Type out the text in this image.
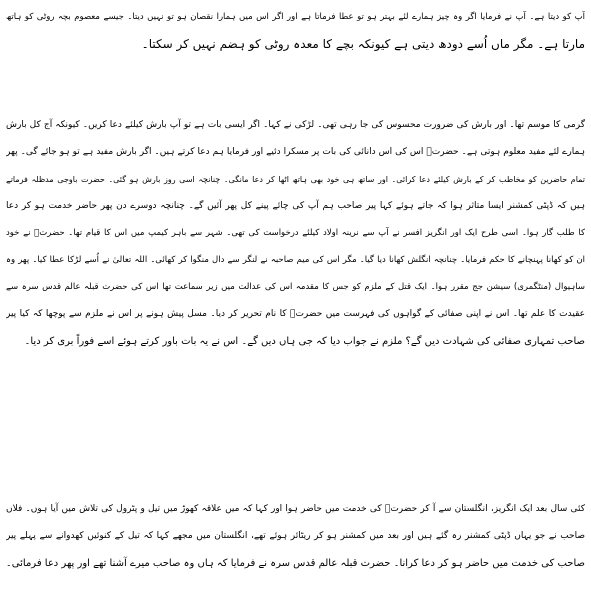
آپ کو دیتا ہے۔ آپ نے فرمایا اگر وہ چیز ہمارے لئے بہتر ہو تو عطا فرماتا ہے اور اگر اس میں ہمارا نقصان ہو تو نہیں دیتا۔ جیسے معصوم بچہ روٹی کو ہاتھ
مارتا ہے۔ مگر ماں اُسے دودھ دیتی ہے کیونکہ بچے کا معدہ روٹی کو ہضم نہیں کر سکتا۔
گرمی کا موسم تھا۔ اور بارش کی ضرورت محسوس کی جا رہی تھی۔ لڑکی نے کہا۔ اگر ایسی بات ہے تو آپ بارش کیلئے دعا کریں۔ کیونکہ آج کل بارش
ہمارے لئے مفید معلوم ہوتی ہے۔ حضرتؒ اس کی اس دانائی کی بات پر مسکرا دئیے اور فرمایا ہم دعا کرتے ہیں۔ اگر بارش مفید ہے تو ہو جائے گی۔ پھر
تمام حاضرین کو مخاطب کر کے بارش کیلئے دعا کرائی۔ اور ساتھ ہی خود بھی ہاتھ اٹھا کر دعا مانگی۔ چنانچہ اسی روز بارش ہو گئی۔ حضرت باوجی مدظلہ فرماتے
ہیں کہ ڈپٹی کمشنر ایسا متاثر ہوا کہ جاتے ہوئے کہا پیر صاحب ہم آپ کی چائے پینے کل پھر آئیں گے۔ چنانچہ دوسرے دن پھر حاضر خدمت ہو کر دعا
کا طلب گار ہوا۔ اسی طرح ایک اور انگریز افسر نے آپ سے نرینہ اولاد کیلئے درخواست کی تھی۔ شہر سے باہر کیمپ میں اس کا قیام تھا۔ حضرتؒ نے خود
ان کو کھانا پہنچانے کا حکم فرمایا۔ چنانچہ انگلش کھانا دیا گیا۔ مگر اس کی میم صاحبہ نے لنگر سے دال منگوا کر کھائی۔ اللہ تعالیٰ نے اُسے لڑکا عطا کیا۔ پھر وہ
ساہیوال (منٹگمری) سیشن جج مقرر ہوا۔ ایک قتل کے ملزم کو جس کا مقدمہ اس کی عدالت میں زیر سماعت تھا اس کی حضرت قبلہ عالم قدس سرہ سے
عقیدت کا علم تھا۔ اس نے اپنی صفائی کے گواہوں کی فہرست میں حضرتؒ کا نام تحریر کر دیا۔ مسل پیش ہونے پر اس نے ملزم سے پوچھا کہ کیا پیر
صاحب تمہاری صفائی کی شہادت دیں گے؟ ملزم نے جواب دیا کہ جی ہاں دیں گے۔ اس نے یہ بات باور کرتے ہوئے اسے فوراً بری کر دیا۔
کئی سال بعد ایک انگریز، انگلستان سے آ کر حضرتؒ کی خدمت میں حاضر ہوا اور کہا کہ میں علاقہ کھوڑ میں تیل و پٹرول کی تلاش میں آیا ہوں۔ فلاں
صاحب نے جو یہاں ڈپٹی کمشنر رہ گئے ہیں اور بعد میں کمشنر ہو کر ریٹائر ہوئے تھے، انگلستان میں مجھے کہا کہ تیل کے کنوئیں کھدوانے سے پہلے پیر
صاحب کی خدمت میں حاضر ہو کر دعا کرانا۔ حضرت قبلہ عالم قدس سرہ نے فرمایا کہ ہاں وہ صاحب میرے آشنا تھے اور پھر دعا فرمائی۔
